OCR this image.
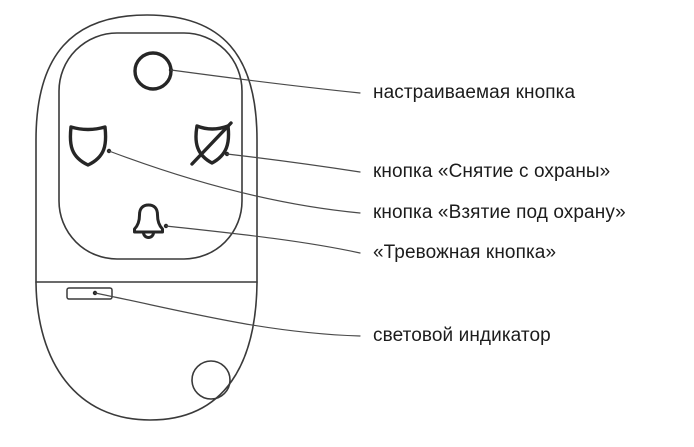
настраиваемая кнопка
кнопка «Снятие с охраны»
кнопка «Взятие под охрану»
«Тревожная кнопка»
световой индикатор
